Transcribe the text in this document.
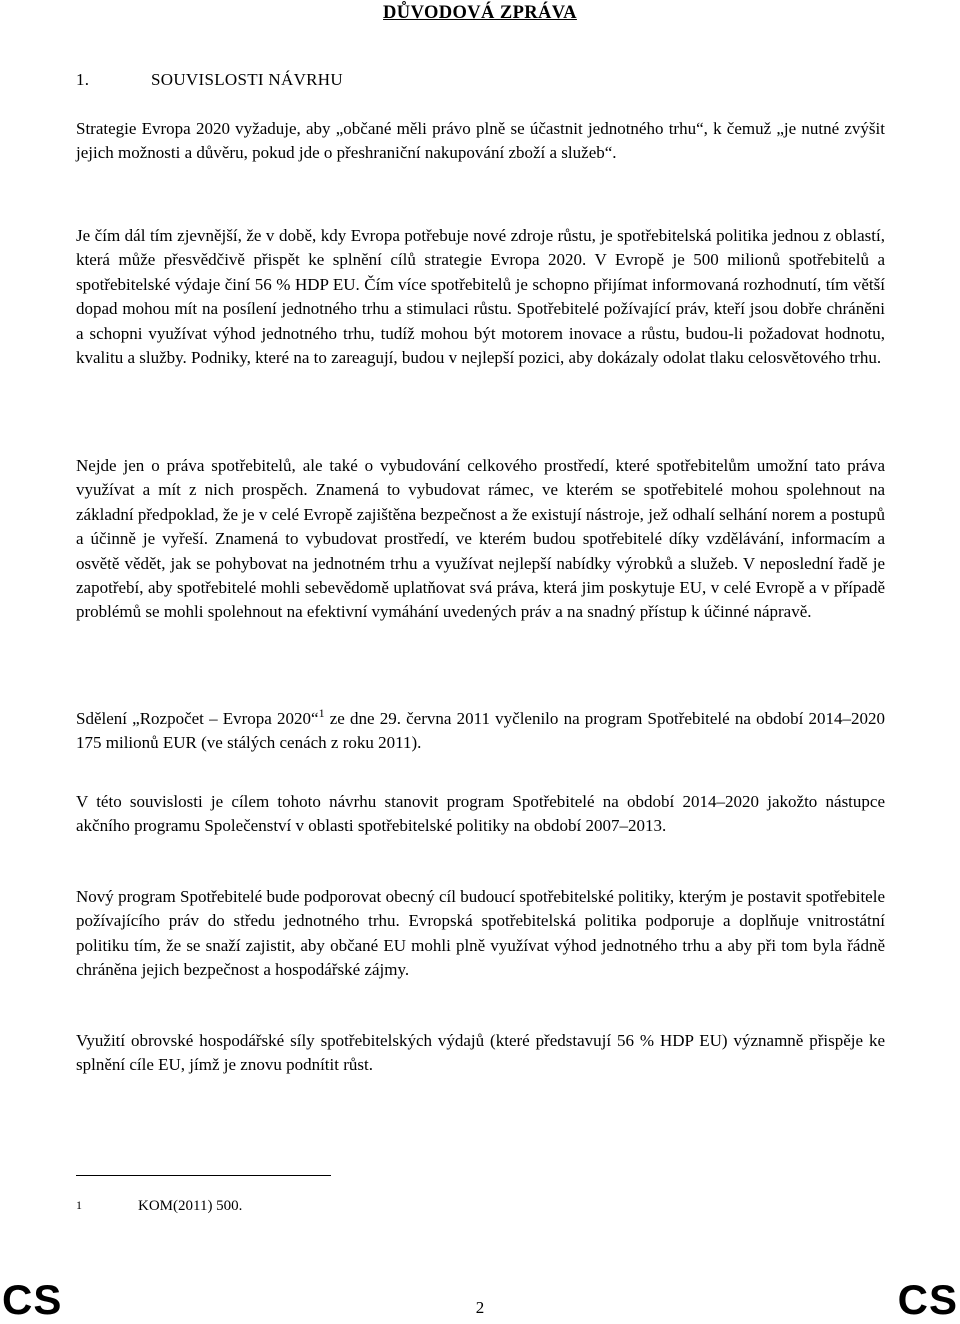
DŮVODOVÁ ZPRÁVA
1.	SOUVISLOSTI NÁVRHU
Strategie Evropa 2020 vyžaduje, aby „občané měli právo plně se účastnit jednotného trhu“, k čemuž „je nutné zvýšit jejich možnosti a důvěru, pokud jde o přeshraniční nakupování zboží a služeb“.
Je čím dál tím zjevnější, že v době, kdy Evropa potřebuje nové zdroje růstu, je spotřebitelská politika jednou z oblastí, která může přesvědčivě přispět ke splnění cílů strategie Evropa 2020. V Evropě je 500 milionů spotřebitelů a spotřebitelské výdaje činí 56 % HDP EU. Čím více spotřebitelů je schopno přijímat informovaná rozhodnutí, tím větší dopad mohou mít na posílení jednotného trhu a stimulaci růstu. Spotřebitelé požívající práv, kteří jsou dobře chráněni a schopni využívat výhod jednotného trhu, tudíž mohou být motorem inovace a růstu, budou-li požadovat hodnotu, kvalitu a služby. Podniky, které na to zareagují, budou v nejlepší pozici, aby dokázaly odolat tlaku celosvětového trhu.
Nejde jen o práva spotřebitelů, ale také o vybudování celkového prostředí, které spotřebitelům umožní tato práva využívat a mít z nich prospěch. Znamená to vybudovat rámec, ve kterém se spotřebitelé mohou spolehnout na základní předpoklad, že je v celé Evropě zajištěna bezpečnost a že existují nástroje, jež odhalí selhání norem a postupů a účinně je vyřeší. Znamená to vybudovat prostředí, ve kterém budou spotřebitelé díky vzdělávání, informacím a osvětě vědět, jak se pohybovat na jednotném trhu a využívat nejlepší nabídky výrobků a služeb. V neposlední řadě je zapotřebí, aby spotřebitelé mohli sebevědomě uplatňovat svá práva, která jim poskytuje EU, v celé Evropě a v případě problémů se mohli spolehnout na efektivní vymáhání uvedených práv a na snadný přístup k účinné nápravě.
Sdělení „Rozpočet – Evropa 2020“$^1$ ze dne 29. června 2011 vyčlenilo na program Spotřebitelé na období 2014–2020 175 milionů EUR (ve stálých cenách z roku 2011).
V této souvislosti je cílem tohoto návrhu stanovit program Spotřebitelé na období 2014–2020 jakožto nástupce akčního programu Společenství v oblasti spotřebitelské politiky na období 2007–2013.
Nový program Spotřebitelé bude podporovat obecný cíl budoucí spotřebitelské politiky, kterým je postavit spotřebitele požívajícího práv do středu jednotného trhu. Evropská spotřebitelská politika podporuje a doplňuje vnitrostátní politiku tím, že se snaží zajistit, aby občané EU mohli plně využívat výhod jednotného trhu a aby při tom byla řádně chráněna jejich bezpečnost a hospodářské zájmy.
Využití obrovské hospodářské síly spotřebitelských výdajů (které představují 56 % HDP EU) významně přispěje ke splnění cíle EU, jímž je znovu podnítit růst.
1	KOM(2011) 500.
CS	2	CS
